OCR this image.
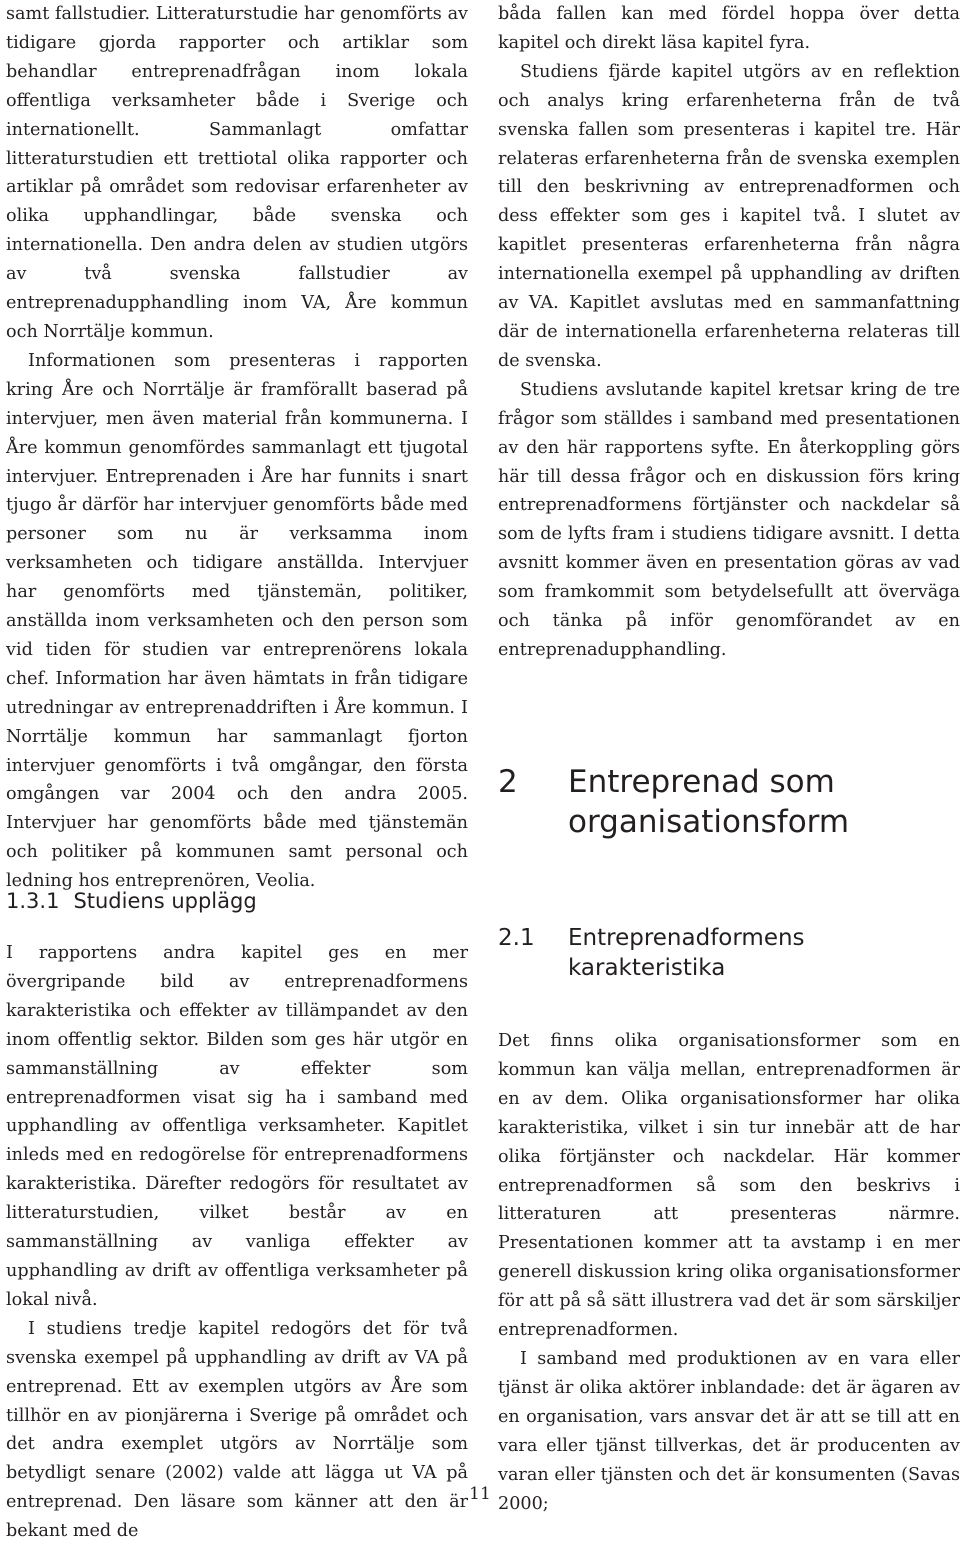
samt fallstudier. Litteraturstudie har genomförts av tidigare gjorda rapporter och artiklar som behandlar entreprenadfrågan inom lokala offentliga verksamheter både i Sverige och internationellt. Sammanlagt omfattar litteraturstudien ett trettiotal olika rapporter och artiklar på området som redovisar erfarenheter av olika upphandlingar, både svenska och internationella. Den andra delen av studien utgörs av två svenska fallstudier av entreprenadupphandling inom VA, Åre kommun och Norrtälje kommun.

Informationen som presenteras i rapporten kring Åre och Norrtälje är framförallt baserad på intervjuer, men även material från kommunerna. I Åre kommun genomfördes sammanlagt ett tjugotal intervjuer. Entreprenaden i Åre har funnits i snart tjugo år därför har intervjuer genomförts både med personer som nu är verksamma inom verksamheten och tidigare anställda. Intervjuer har genomförts med tjänstemän, politiker, anställda inom verksamheten och den person som vid tiden för studien var entreprenörens lokala chef. Information har även hämtats in från tidigare utredningar av entreprenaddriften i Åre kommun. I Norrtälje kommun har sammanlagt fjorton intervjuer genomförts i två omgångar, den första omgången var 2004 och den andra 2005. Intervjuer har genomförts både med tjänstemän och politiker på kommunen samt personal och ledning hos entreprenören, Veolia.

1.3.1 Studiens upplägg

I rapportens andra kapitel ges en mer övergripande bild av entreprenadformens karakteristika och effekter av tillämpandet av den inom offentlig sektor. Bilden som ges här utgör en sammanställning av effekter som entreprenadformen visat sig ha i samband med upphandling av offentliga verksamheter. Kapitlet inleds med en redogörelse för entreprenadformens karakteristika. Därefter redogörs för resultatet av litteraturstudien, vilket består av en sammanställning av vanliga effekter av upphandling av drift av offentliga verksamheter på lokal nivå.

I studiens tredje kapitel redogörs det för två svenska exempel på upphandling av drift av VA på entreprenad. Ett av exemplen utgörs av Åre som tillhör en av pionjärerna i Sverige på området och det andra exemplet utgörs av Norrtälje som betydligt senare (2002) valde att lägga ut VA på entreprenad. Den läsare som känner att den är bekant med de

båda fallen kan med fördel hoppa över detta kapitel och direkt läsa kapitel fyra.

Studiens fjärde kapitel utgörs av en reflektion och analys kring erfarenheterna från de två svenska fallen som presenteras i kapitel tre. Här relateras erfarenheterna från de svenska exemplen till den beskrivning av entreprenadformen och dess effekter som ges i kapitel två. I slutet av kapitlet presenteras erfarenheterna från några internationella exempel på upphandling av driften av VA. Kapitlet avslutas med en sammanfattning där de internationella erfarenheterna relateras till de svenska.

Studiens avslutande kapitel kretsar kring de tre frågor som ställdes i samband med presentationen av den här rapportens syfte. En återkoppling görs här till dessa frågor och en diskussion förs kring entreprenadformens förtjänster och nackdelar så som de lyfts fram i studiens tidigare avsnitt. I detta avsnitt kommer även en presentation göras av vad som framkommit som betydelsefullt att överväga och tänka på inför genomförandet av en entreprenadupphandling.

2	Entreprenad som organisationsform
2.1	Entreprenadformens karakteristika

Det finns olika organisationsformer som en kommun kan välja mellan, entreprenadformen är en av dem. Olika organisationsformer har olika karakteristika, vilket i sin tur innebär att de har olika förtjänster och nackdelar. Här kommer entreprenadformen så som den beskrivs i litteraturen att presenteras närmre. Presentationen kommer att ta avstamp i en mer generell diskussion kring olika organisationsformer för att på så sätt illustrera vad det är som särskiljer entreprenadformen.

I samband med produktionen av en vara eller tjänst är olika aktörer inblandade: det är ägaren av en organisation, vars ansvar det är att se till att en vara eller tjänst tillverkas, det är producenten av varan eller tjänsten och det är konsumenten (Savas 2000;

11
